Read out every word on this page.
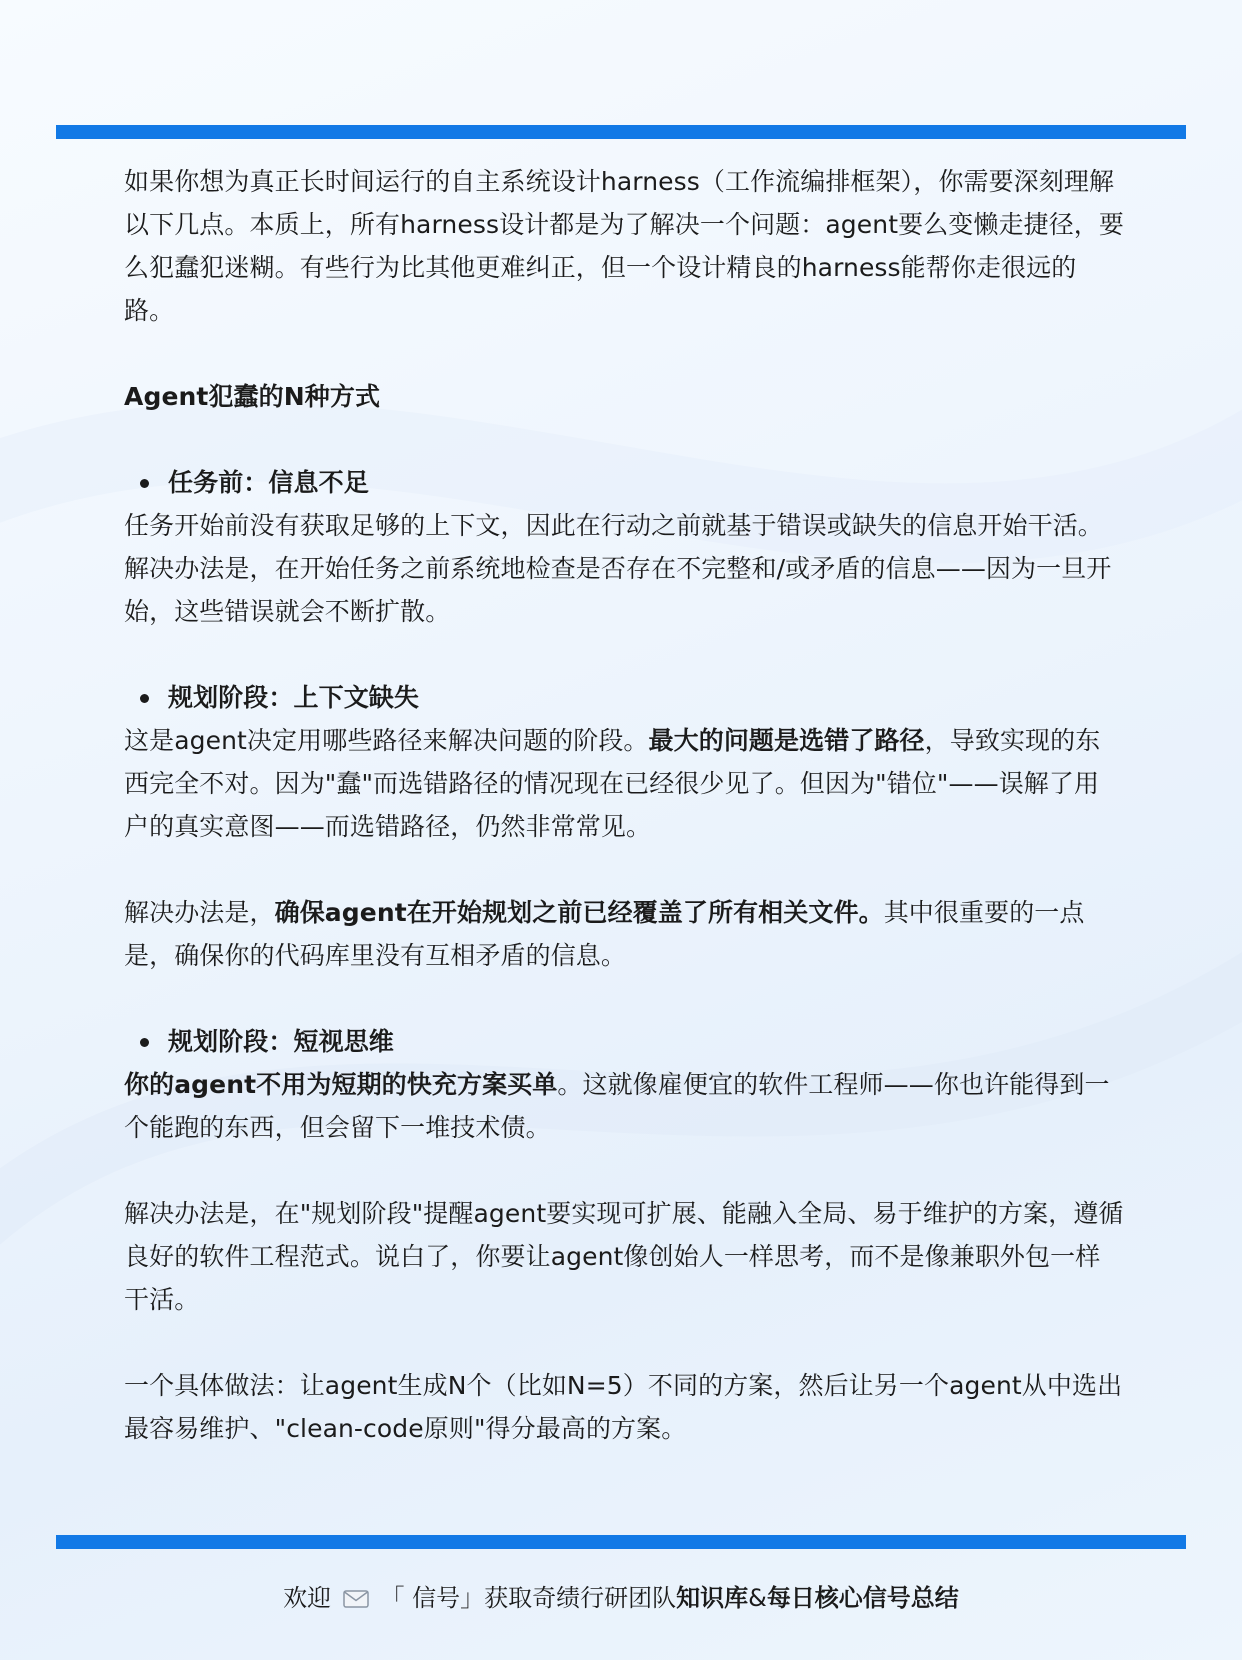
如果你想为真正长时间运行的自主系统设计harness（工作流编排框架），你需要深刻理解以下几点。本质上，所有harness设计都是为了解决一个问题：agent要么变懒走捷径，要么犯蠢犯迷糊。有些行为比其他更难纠正，但一个设计精良的harness能帮你走很远的路。

Agent犯蠢的N种方式

任务前：信息不足

任务开始前没有获取足够的上下文，因此在行动之前就基于错误或缺失的信息开始干活。解决办法是，在开始任务之前系统地检查是否存在不完整和/或矛盾的信息——因为一旦开始，这些错误就会不断扩散。

规划阶段：上下文缺失

这是agent决定用哪些路径来解决问题的阶段。最大的问题是选错了路径，导致实现的东西完全不对。因为"蠢"而选错路径的情况现在已经很少见了。但因为"错位"——误解了用户的真实意图——而选错路径，仍然非常常见。

解决办法是，确保agent在开始规划之前已经覆盖了所有相关文件。其中很重要的一点是，确保你的代码库里没有互相矛盾的信息。

规划阶段：短视思维

你的agent不用为短期的快充方案买单。这就像雇便宜的软件工程师——你也许能得到一个能跑的东西，但会留下一堆技术债。

解决办法是，在"规划阶段"提醒agent要实现可扩展、能融入全局、易于维护的方案，遵循良好的软件工程范式。说白了，你要让agent像创始人一样思考，而不是像兼职外包一样干活。

一个具体做法：让agent生成N个（比如N=5）不同的方案，然后让另一个agent从中选出最容易维护、"clean-code原则"得分最高的方案。

欢迎 「 信号」获取奇绩行研团队知识库&每日核心信号总结
